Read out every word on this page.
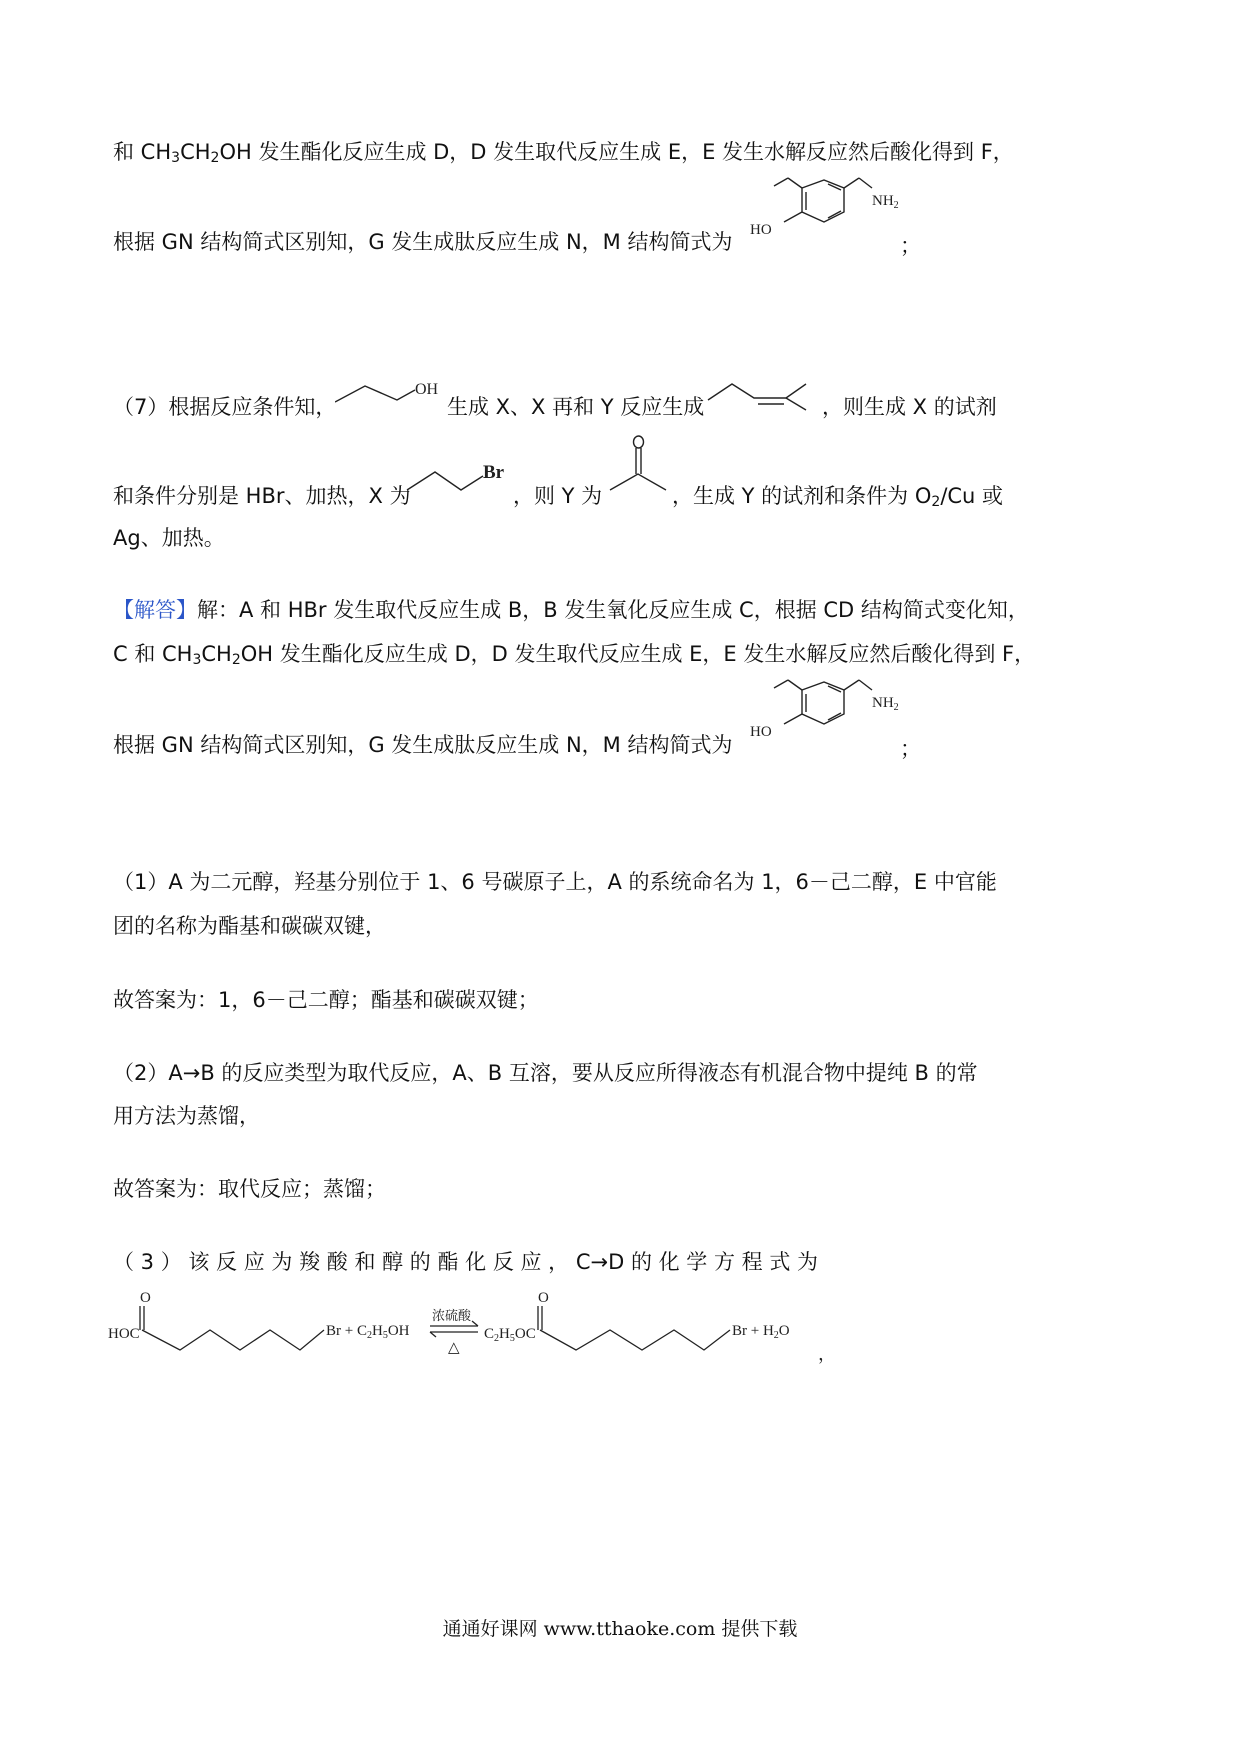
和 $CH_3CH_2OH$ 发生酯化反应生成 D，D 发生取代反应生成 E，E 发生水解反应然后酸化得到 F，
根据 GN 结构简式区别知，G 发生成肽反应生成 N，M 结构简式为
$NH_2$
HO
；
（7）根据反应条件知，
OH
生成 X、X 再和 Y 反应生成	，则生成 X 的试剂
和条件分别是 HBr、加热，X 为
Br
，则 Y 为	，生成 Y 的试剂和条件为 $O_2/Cu$ 或
Ag、加热。
【解答】解：A 和 HBr 发生取代反应生成 B，B 发生氧化反应生成 C，根据 CD 结构简式变化知，
C 和 $CH_3CH_2OH$ 发生酯化反应生成 D，D 发生取代反应生成 E，E 发生水解反应然后酸化得到 F，
根据 GN 结构简式区别知，G 发生成肽反应生成 N，M 结构简式为
$NH_2$
HO
；
（1）A 为二元醇，羟基分别位于 1、6 号碳原子上，A 的系统命名为 1，6－己二醇，E 中官能
团的名称为酯基和碳碳双键，
故答案为：1，6－己二醇；酯基和碳碳双键；
（2）A→B 的反应类型为取代反应，A、B 互溶，要从反应所得液态有机混合物中提纯 B 的常
用方法为蒸馏，
故答案为：取代反应；蒸馏；
（ 3 ） 该 反 应 为 羧 酸 和 醇 的 酯 化 反 应 ， C→D 的 化 学 方 程 式 为
O
HOC	$Br + C_2H_5OH$
浓硫酸
△
O
$C_2H_5OC$	$Br + H_2O$
，
通通好课网 www.tthaoke.com 提供下载
